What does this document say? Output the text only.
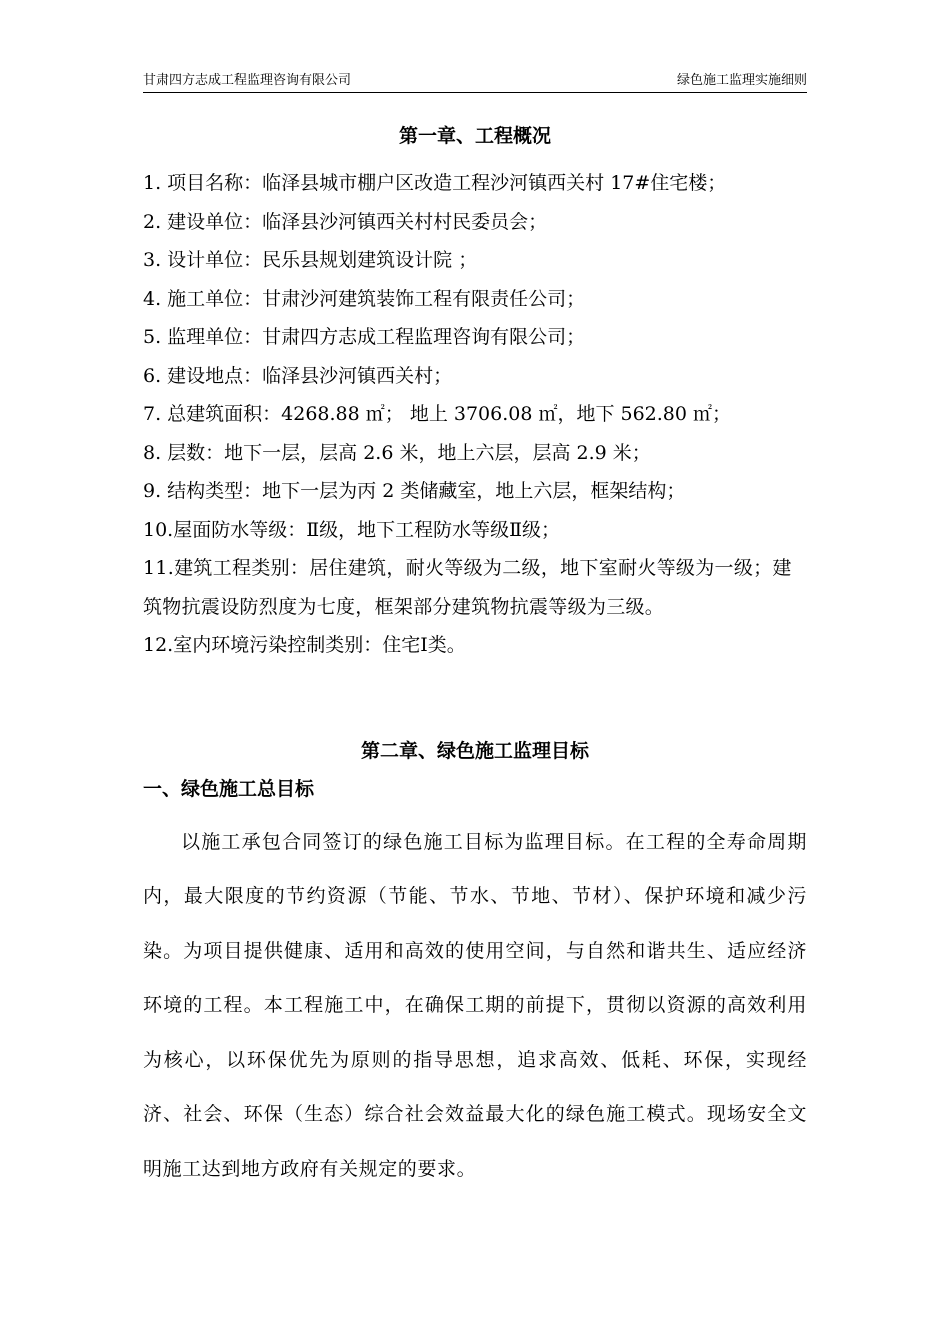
甘肃四方志成工程监理咨询有限公司	绿色施工监理实施细则
第一章、工程概况
1. 项目名称：临泽县城市棚户区改造工程沙河镇西关村 17#住宅楼；
2. 建设单位：临泽县沙河镇西关村村民委员会；
3. 设计单位：民乐县规划建筑设计院 ；
4. 施工单位：甘肃沙河建筑装饰工程有限责任公司；
5. 监理单位：甘肃四方志成工程监理咨询有限公司；
6. 建设地点：临泽县沙河镇西关村；
7. 总建筑面积：4268.88 ㎡； 地上 3706.08 ㎡，地下 562.80 ㎡；
8. 层数：地下一层，层高 2.6 米，地上六层，层高 2.9 米；
9. 结构类型：地下一层为丙 2 类储藏室，地上六层，框架结构；
10.屋面防水等级：Ⅱ级，地下工程防水等级Ⅱ级；
11.建筑工程类别：居住建筑，耐火等级为二级，地下室耐火等级为一级；建筑物抗震设防烈度为七度，框架部分建筑物抗震等级为三级。
12.室内环境污染控制类别：住宅Ⅰ类。
第二章、绿色施工监理目标
一、绿色施工总目标

以施工承包合同签订的绿色施工目标为监理目标。在工程的全寿命周期内，最大限度的节约资源（节能、节水、节地、节材）、保护环境和减少污染。为项目提供健康、适用和高效的使用空间，与自然和谐共生、适应经济环境的工程。本工程施工中，在确保工期的前提下，贯彻以资源的高效利用为核心，以环保优先为原则的指导思想，追求高效、低耗、环保，实现经济、社会、环保（生态）综合社会效益最大化的绿色施工模式。现场安全文明施工达到地方政府有关规定的要求。
